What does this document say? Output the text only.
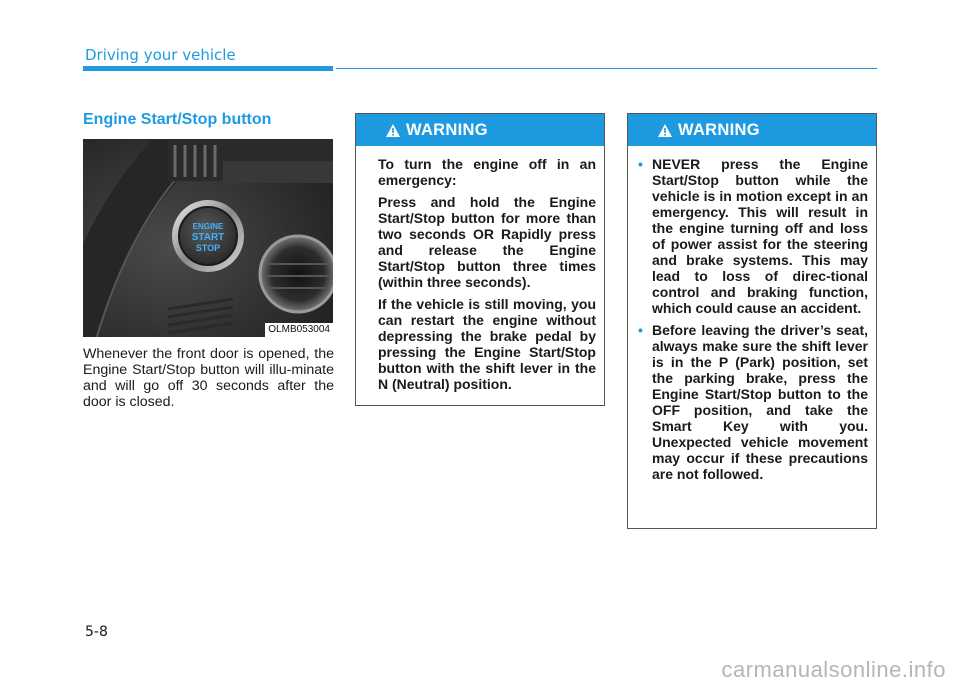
Driving your vehicle
Engine Start/Stop button
ENGINE
START
STOP
OLMB053004

Whenever the front door is opened, the Engine Start/Stop button will illu-minate and will go off 30 seconds after the door is closed.

WARNING

To turn the engine off in an emergency:

Press and hold the Engine Start/Stop button for more than two seconds OR Rapidly press and release the Engine Start/Stop button three times (within three seconds).

If the vehicle is still moving, you can restart the engine without depressing the brake pedal by pressing the Engine Start/Stop button with the shift lever in the N (Neutral) position.

WARNING
• NEVER press the Engine Start/Stop button while the vehicle is in motion except in an emergency. This will result in the engine turning off and loss of power assist for the steering and brake systems. This may lead to loss of direc-tional control and braking function, which could cause an accident.
• Before leaving the driver’s seat, always make sure the shift lever is in the P (Park) position, set the parking brake, press the Engine Start/Stop button to the OFF position, and take the Smart Key with you. Unexpected vehicle movement may occur if these precautions are not followed.
5-8
carmanualsonline.info
